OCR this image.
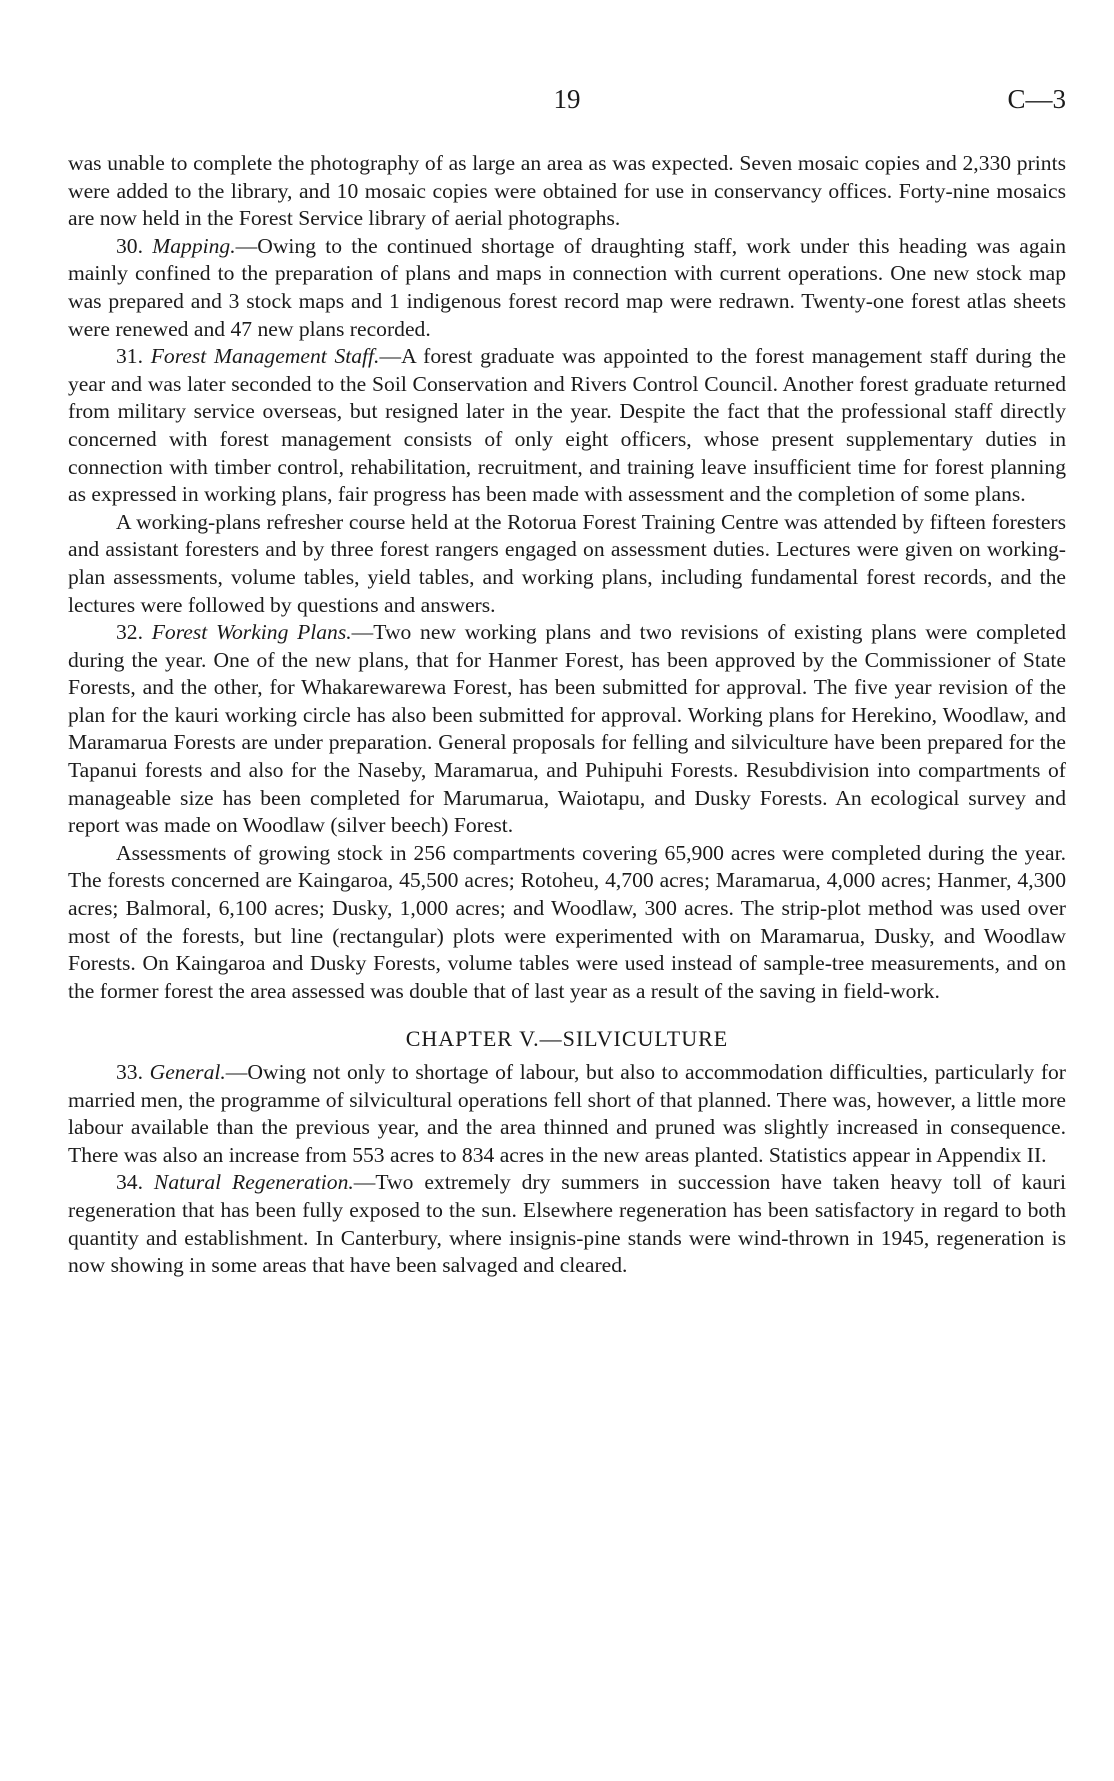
19	C—3

was unable to complete the photography of as large an area as was expected. Seven mosaic copies and 2,330 prints were added to the library, and 10 mosaic copies were obtained for use in conservancy offices. Forty-nine mosaics are now held in the Forest Service library of aerial photographs.

30. Mapping.—Owing to the continued shortage of draughting staff, work under this heading was again mainly confined to the preparation of plans and maps in connection with current operations. One new stock map was prepared and 3 stock maps and 1 indigenous forest record map were redrawn. Twenty-one forest atlas sheets were renewed and 47 new plans recorded.

31. Forest Management Staff.—A forest graduate was appointed to the forest management staff during the year and was later seconded to the Soil Conservation and Rivers Control Council. Another forest graduate returned from military service overseas, but resigned later in the year. Despite the fact that the professional staff directly concerned with forest management consists of only eight officers, whose present supplementary duties in connection with timber control, rehabilitation, recruitment, and training leave insufficient time for forest planning as expressed in working plans, fair progress has been made with assessment and the completion of some plans.

A working-plans refresher course held at the Rotorua Forest Training Centre was attended by fifteen foresters and assistant foresters and by three forest rangers engaged on assessment duties. Lectures were given on working-plan assessments, volume tables, yield tables, and working plans, including fundamental forest records, and the lectures were followed by questions and answers.

32. Forest Working Plans.—Two new working plans and two revisions of existing plans were completed during the year. One of the new plans, that for Hanmer Forest, has been approved by the Commissioner of State Forests, and the other, for Whakarewarewa Forest, has been submitted for approval. The five year revision of the plan for the kauri working circle has also been submitted for approval. Working plans for Herekino, Woodlaw, and Maramarua Forests are under preparation. General proposals for felling and silviculture have been prepared for the Tapanui forests and also for the Naseby, Maramarua, and Puhipuhi Forests. Resubdivision into compartments of manageable size has been completed for Marumarua, Waiotapu, and Dusky Forests. An ecological survey and report was made on Woodlaw (silver beech) Forest.

Assessments of growing stock in 256 compartments covering 65,900 acres were completed during the year. The forests concerned are Kaingaroa, 45,500 acres; Rotoheu, 4,700 acres; Maramarua, 4,000 acres; Hanmer, 4,300 acres; Balmoral, 6,100 acres; Dusky, 1,000 acres; and Woodlaw, 300 acres. The strip-plot method was used over most of the forests, but line (rectangular) plots were experimented with on Maramarua, Dusky, and Woodlaw Forests. On Kaingaroa and Dusky Forests, volume tables were used instead of sample-tree measurements, and on the former forest the area assessed was double that of last year as a result of the saving in field-work.

CHAPTER V.—SILVICULTURE

33. General.—Owing not only to shortage of labour, but also to accommodation difficulties, particularly for married men, the programme of silvicultural operations fell short of that planned. There was, however, a little more labour available than the previous year, and the area thinned and pruned was slightly increased in consequence. There was also an increase from 553 acres to 834 acres in the new areas planted. Statistics appear in Appendix II.

34. Natural Regeneration.—Two extremely dry summers in succession have taken heavy toll of kauri regeneration that has been fully exposed to the sun. Elsewhere regeneration has been satisfactory in regard to both quantity and establishment. In Canterbury, where insignis-pine stands were wind-thrown in 1945, regeneration is now showing in some areas that have been salvaged and cleared.
